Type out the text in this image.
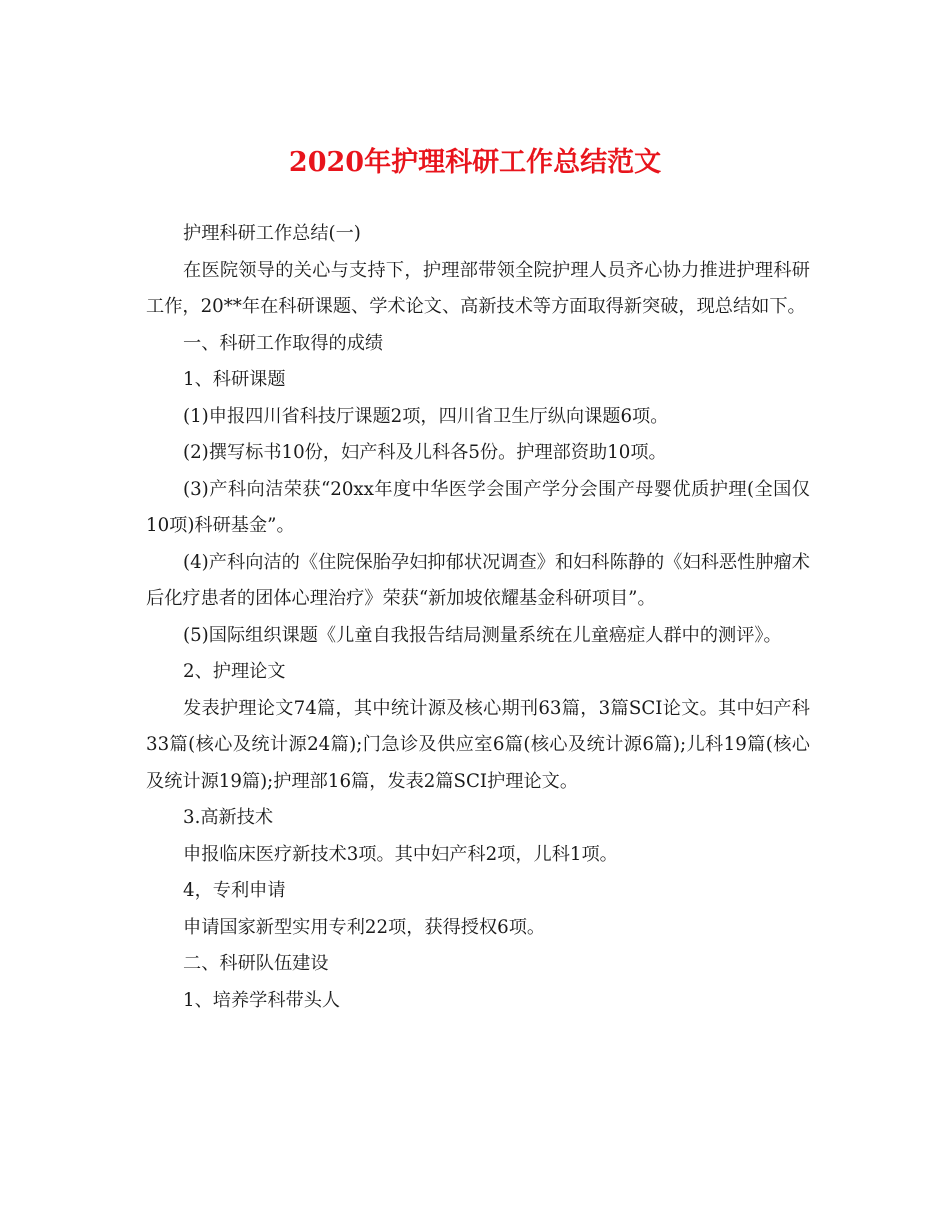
2020年护理科研工作总结范文

护理科研工作总结(一)

在医院领导的关心与支持下，护理部带领全院护理人员齐心协力推进护理科研工作，20**年在科研课题、学术论文、高新技术等方面取得新突破，现总结如下。

一、科研工作取得的成绩

1、科研课题

(1)申报四川省科技厅课题2项，四川省卫生厅纵向课题6项。

(2)撰写标书10份，妇产科及儿科各5份。护理部资助10项。

(3)产科向洁荣获“20xx年度中华医学会围产学分会围产母婴优质护理(全国仅10项)科研基金”。

(4)产科向洁的《住院保胎孕妇抑郁状况调查》和妇科陈静的《妇科恶性肿瘤术后化疗患者的团体心理治疗》荣获“新加坡依耀基金科研项目”。

(5)国际组织课题《儿童自我报告结局测量系统在儿童癌症人群中的测评》。

2、护理论文

发表护理论文74篇，其中统计源及核心期刊63篇，3篇SCI论文。其中妇产科33篇(核心及统计源24篇);门急诊及供应室6篇(核心及统计源6篇);儿科19篇(核心及统计源19篇);护理部16篇，发表2篇SCI护理论文。

3.高新技术

申报临床医疗新技术3项。其中妇产科2项，儿科1项。

4，专利申请

申请国家新型实用专利22项，获得授权6项。

二、科研队伍建设

1、培养学科带头人
